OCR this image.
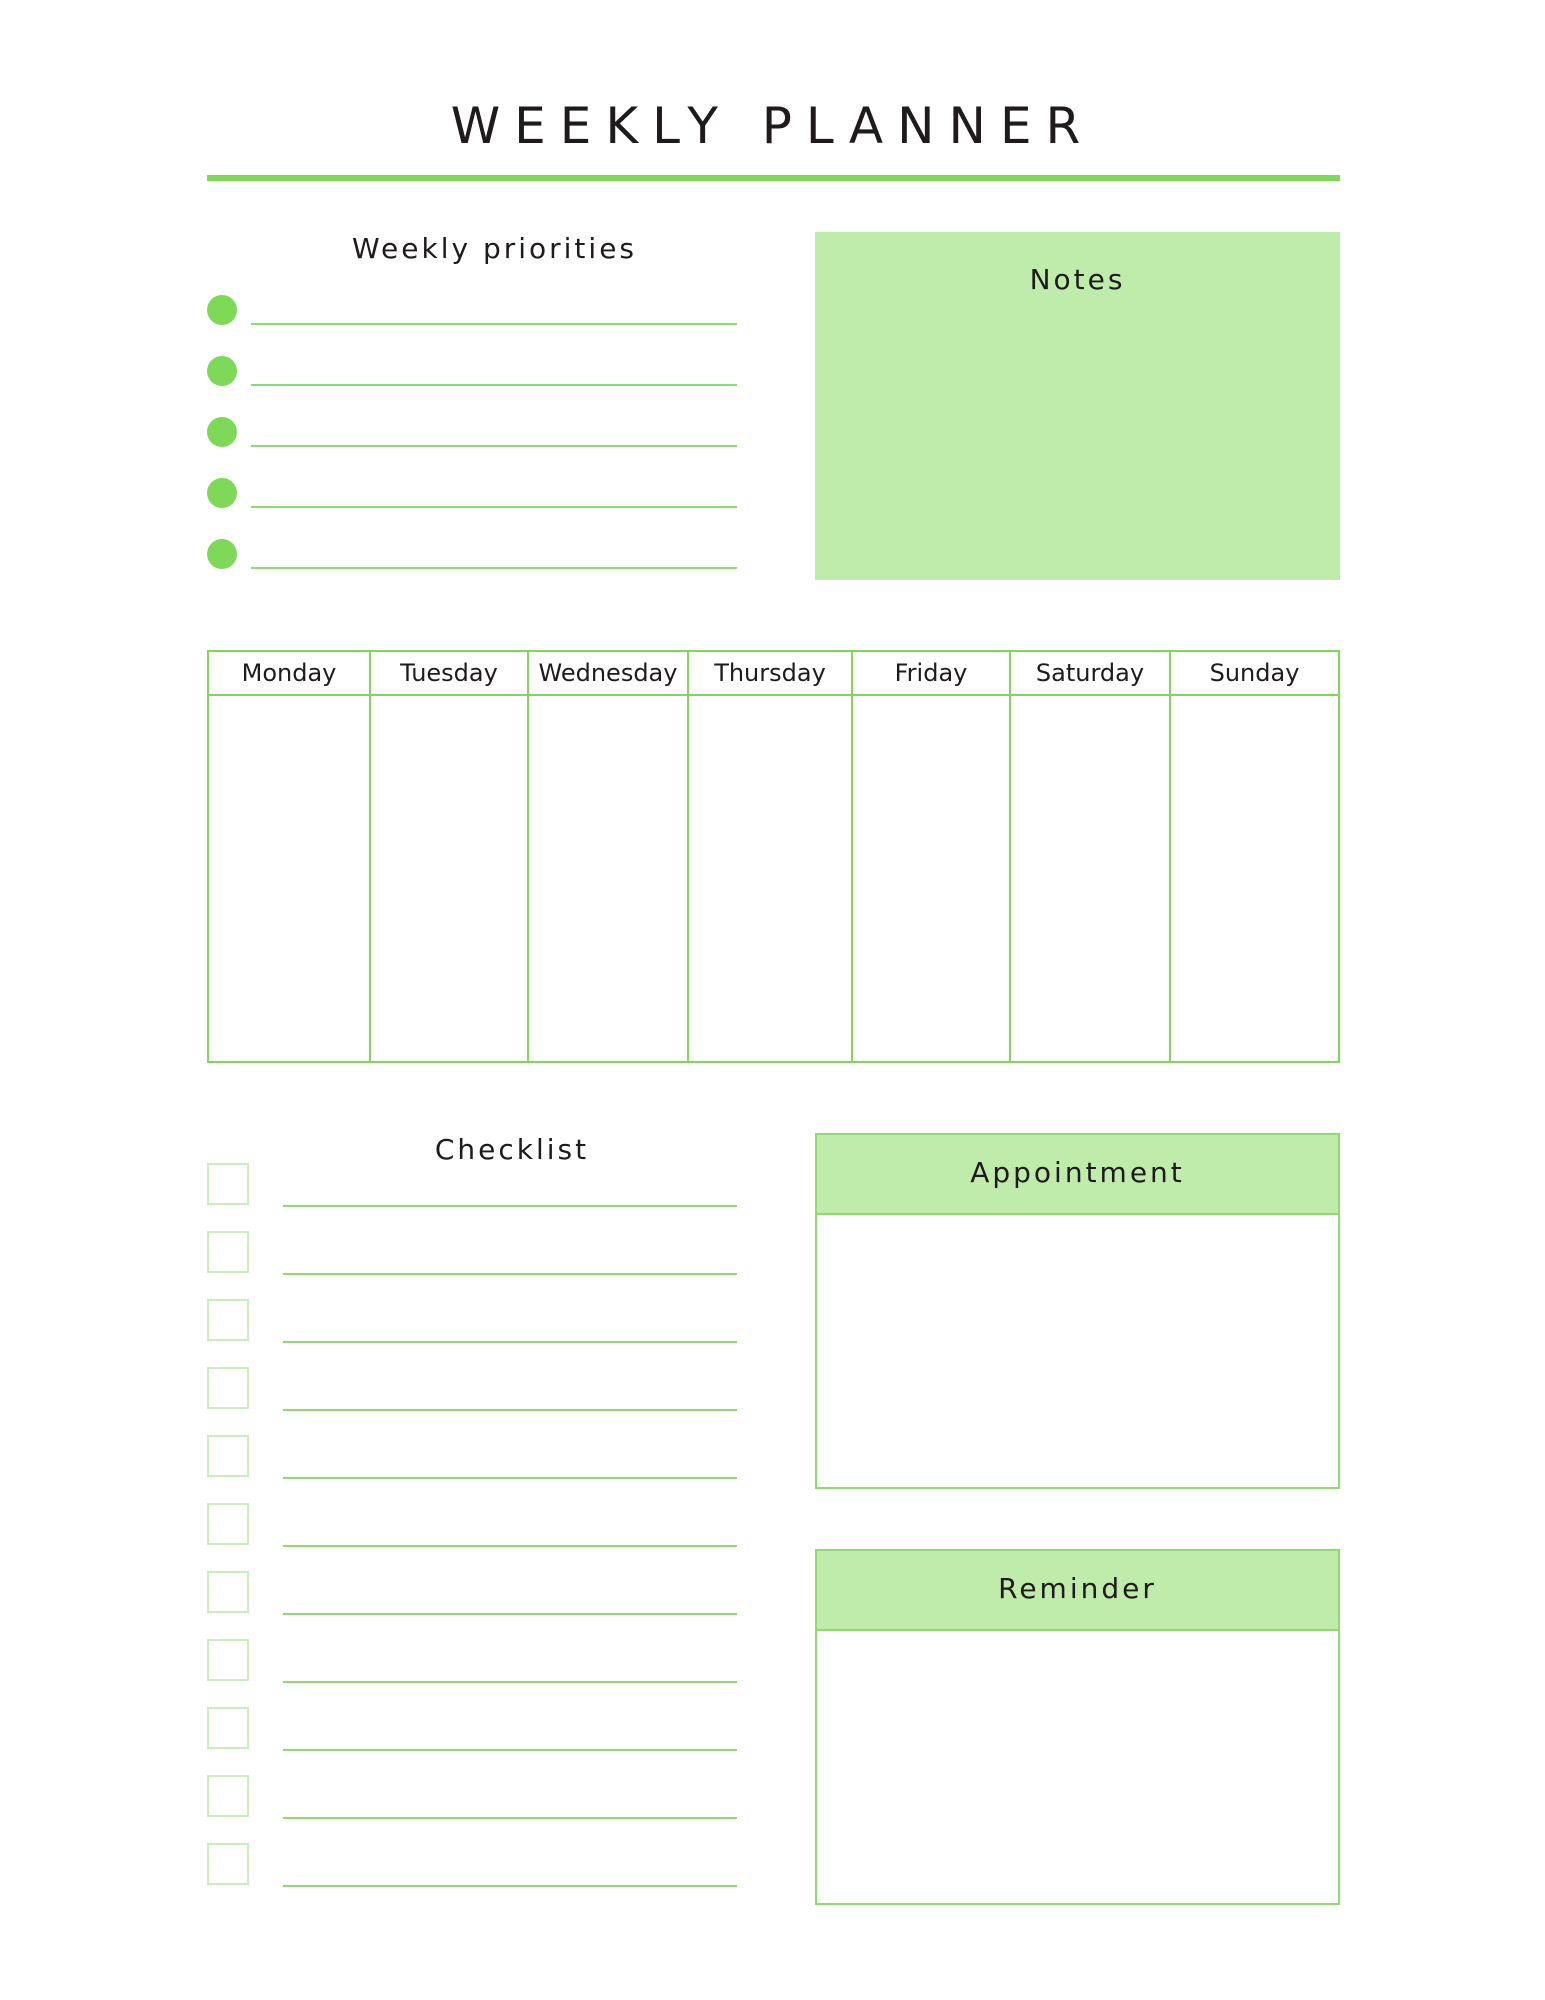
WEEKLY PLANNER
Weekly priorities
Notes
Monday	Tuesday	Wednesday	Thursday	Friday	Saturday	Sunday
Checklist
Appointment
Reminder
